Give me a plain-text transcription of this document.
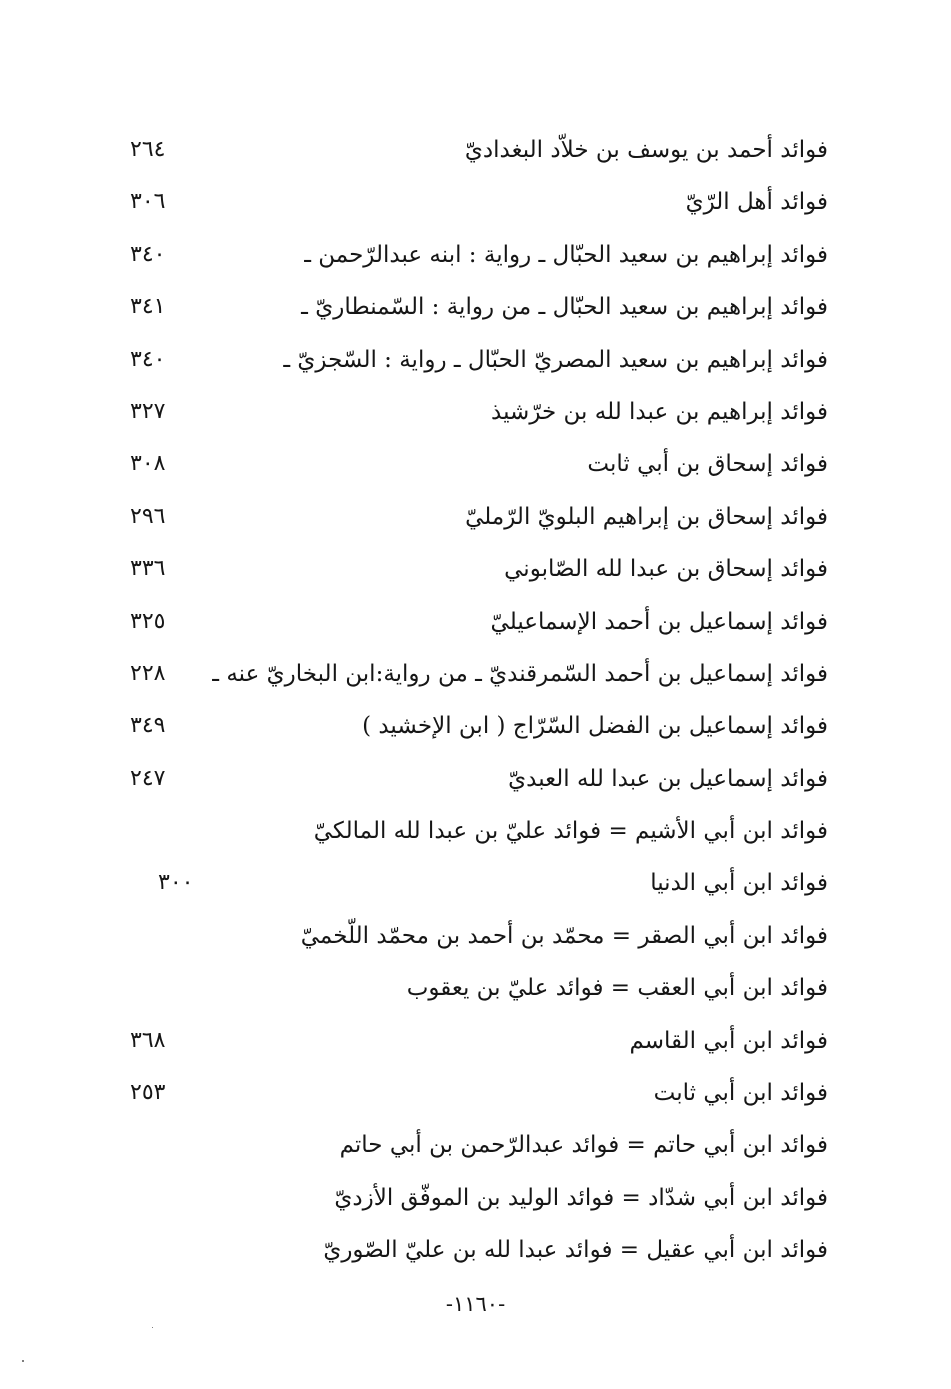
فوائد أحمد بن يوسف بن خلاّد البغداديّ
٢٦٤
فوائد أهل الرّيّ
٣٠٦
فوائد إبراهيم بن سعيد الحبّال ـ رواية : ابنه عبدالرّحمن ـ
٣٤٠
فوائد إبراهيم بن سعيد الحبّال ـ من رواية : السّمنطاريّ ـ
٣٤١
فوائد إبراهيم بن سعيد المصريّ الحبّال ـ رواية : السّجزيّ ـ
٣٤٠
فوائد إبراهيم بن عبدا لله بن خرّشيذ
٣٢٧
فوائد إسحاق بن أبي ثابت
٣٠٨
فوائد إسحاق بن إبراهيم البلويّ الرّمليّ
٢٩٦
فوائد إسحاق بن عبدا لله الصّابوني
٣٣٦
فوائد إسماعيل بن أحمد الإسماعيليّ
٣٢٥
فوائد إسماعيل بن أحمد السّمرقنديّ ـ من رواية:ابن البخاريّ عنه ـ
٢٢٨
فوائد إسماعيل بن الفضل السّرّاج ( ابن الإخشيد )
٣٤٩
فوائد إسماعيل بن عبدا لله العبديّ
٢٤٧
فوائد ابن أبي الأشيم = فوائد عليّ بن عبدا لله المالكيّ
فوائد ابن أبي الدنيا
٣٠٠
فوائد ابن أبي الصقر = محمّد بن أحمد بن محمّد اللّخميّ
فوائد ابن أبي العقب = فوائد عليّ بن يعقوب
فوائد ابن أبي القاسم
٣٦٨
فوائد ابن أبي ثابت
٢٥٣
فوائد ابن أبي حاتم = فوائد عبدالرّحمن بن أبي حاتم
فوائد ابن أبي شدّاد = فوائد الوليد بن الموفّق الأزديّ
فوائد ابن أبي عقيل = فوائد عبدا لله بن عليّ الصّوريّ
-١١٦٠-
